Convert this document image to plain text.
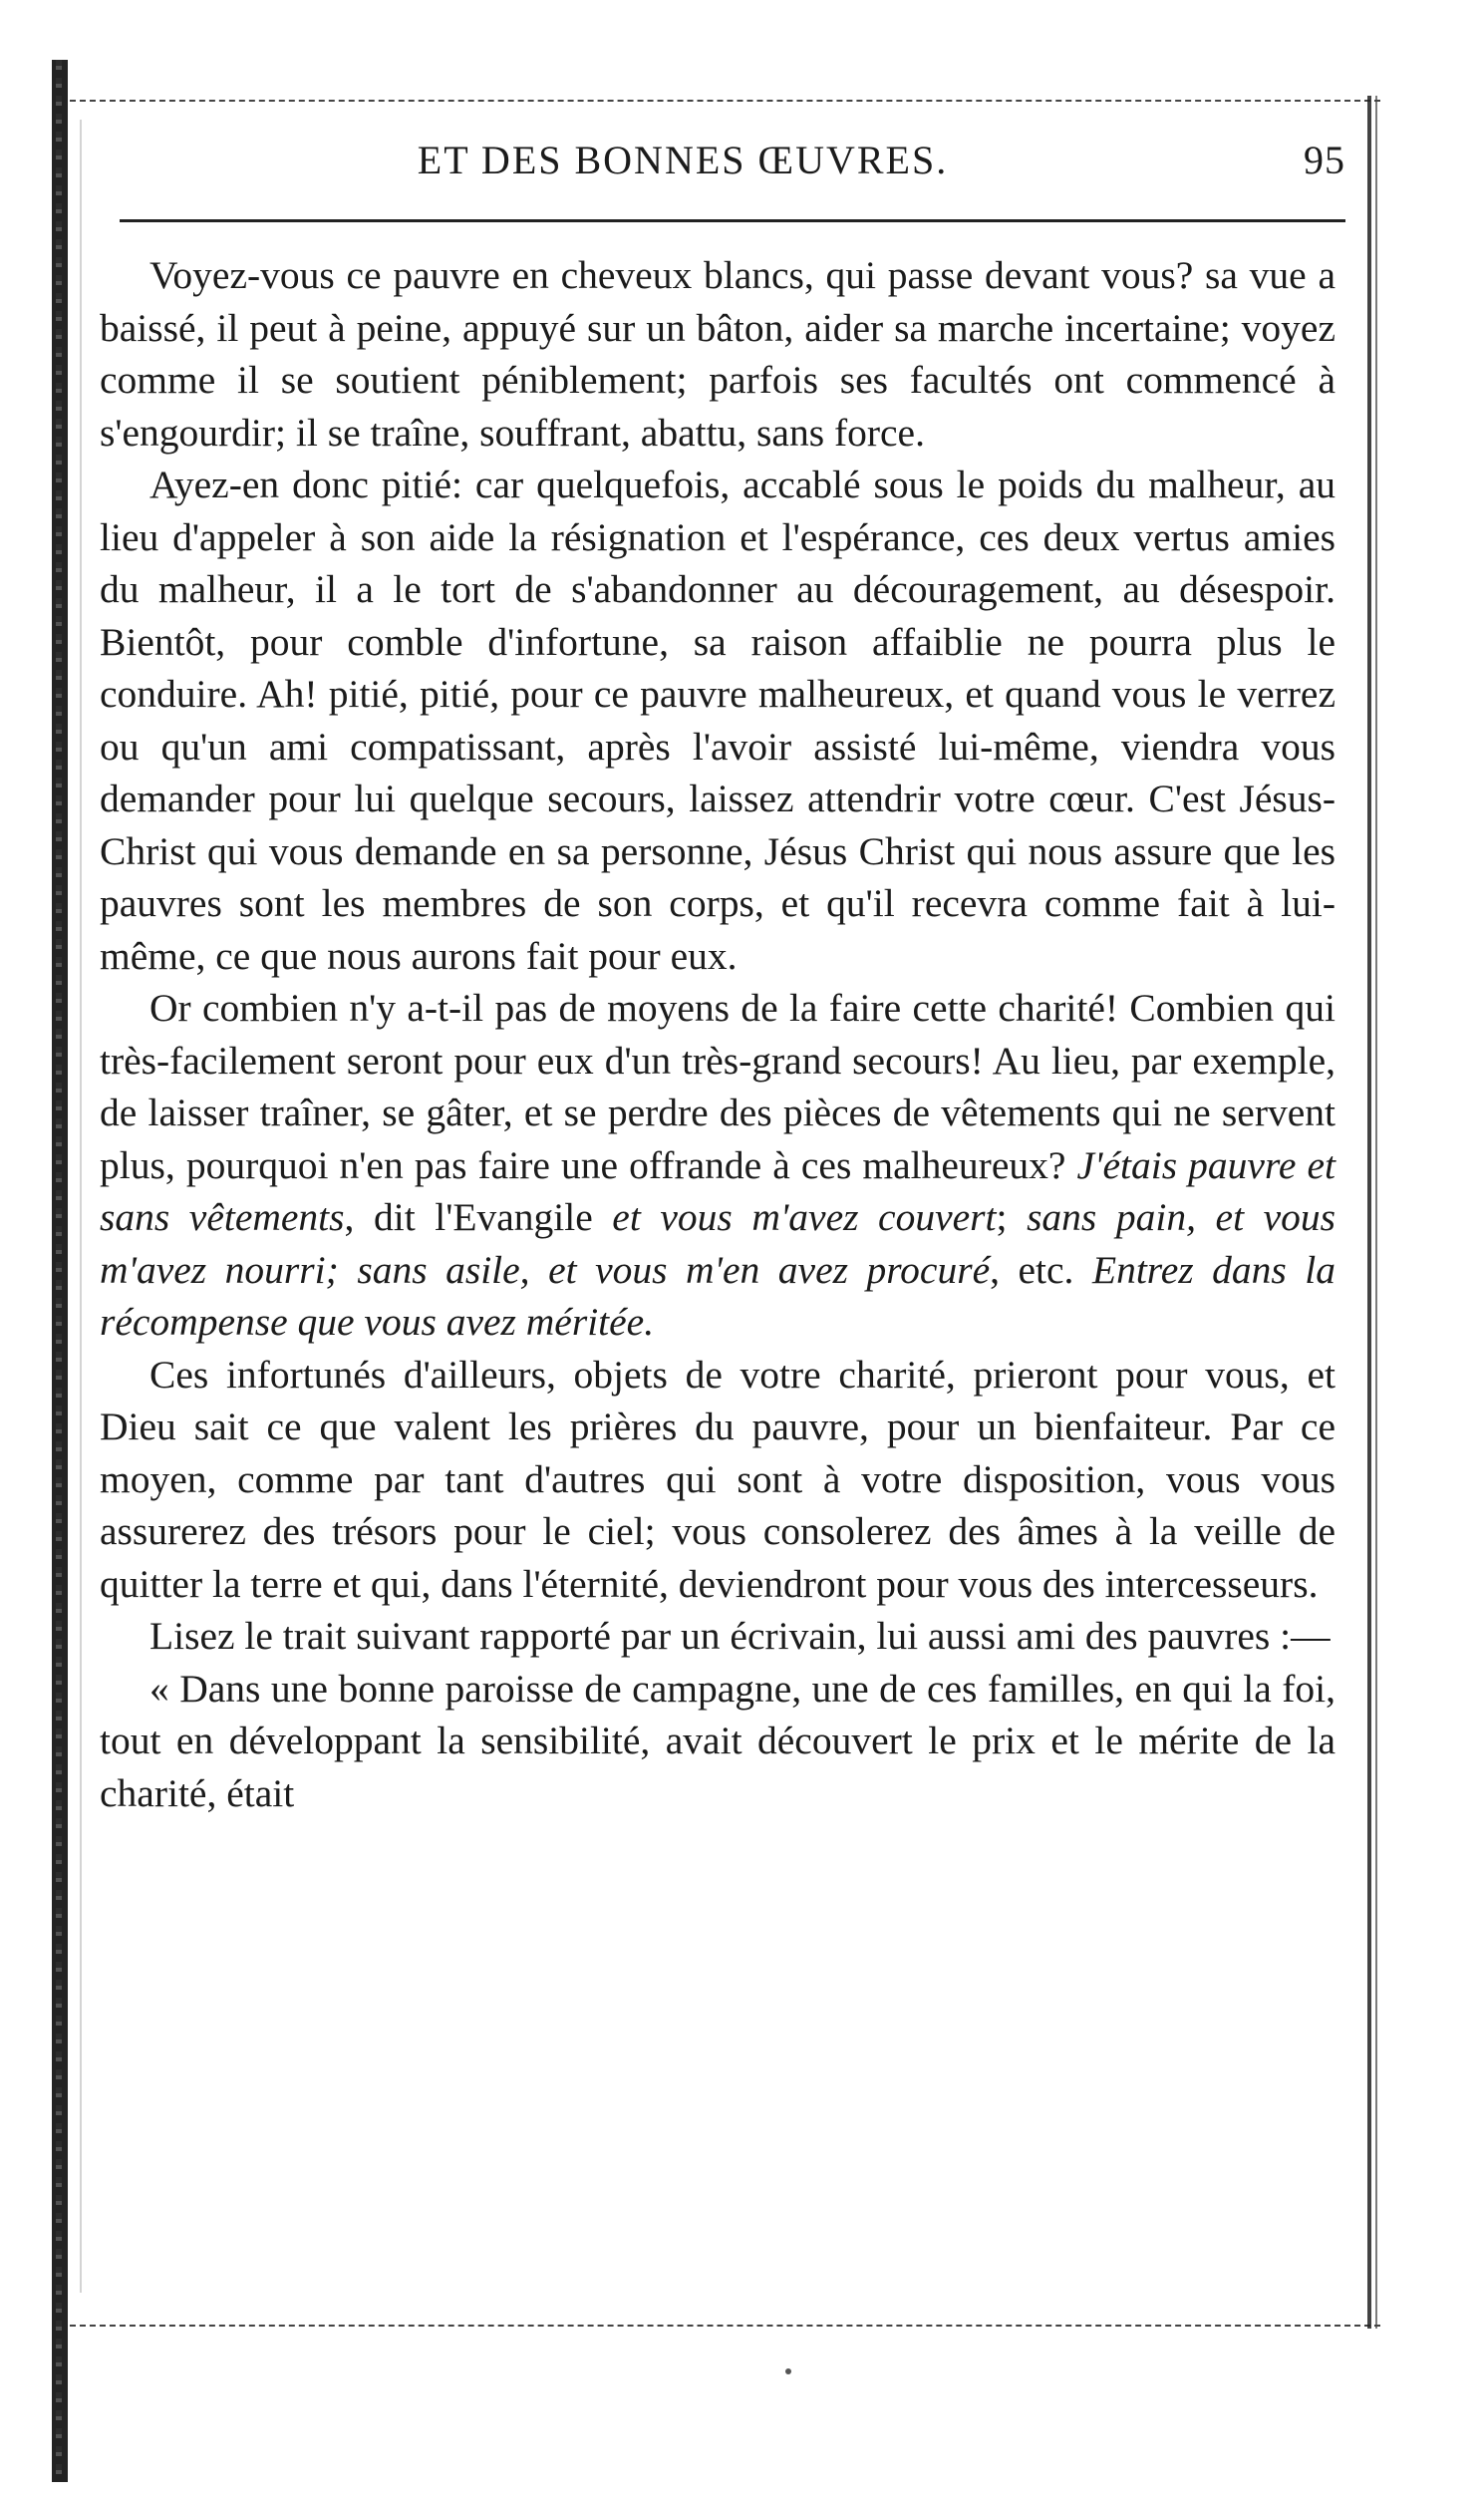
ET DES BONNES ŒUVRES.	95

Voyez-vous ce pauvre en cheveux blancs, qui passe devant vous? sa vue a baissé, il peut à peine, appuyé sur un bâton, aider sa marche incertaine; voyez comme il se soutient péniblement; parfois ses facultés ont commencé à s'engourdir; il se traîne, souffrant, abattu, sans force.

Ayez-en donc pitié: car quelquefois, accablé sous le poids du malheur, au lieu d'appeler à son aide la résignation et l'espérance, ces deux vertus amies du malheur, il a le tort de s'abandonner au découragement, au désespoir. Bientôt, pour comble d'infortune, sa raison affaiblie ne pourra plus le conduire. Ah! pitié, pitié, pour ce pauvre malheureux, et quand vous le verrez ou qu'un ami compatissant, après l'avoir assisté lui-même, viendra vous demander pour lui quelque secours, laissez attendrir votre cœur. C'est Jésus-Christ qui vous demande en sa personne, Jésus Christ qui nous assure que les pauvres sont les membres de son corps, et qu'il recevra comme fait à lui-même, ce que nous aurons fait pour eux.

Or combien n'y a-t-il pas de moyens de la faire cette charité! Combien qui très-facilement seront pour eux d'un très-grand secours! Au lieu, par exemple, de laisser traîner, se gâter, et se perdre des pièces de vêtements qui ne servent plus, pourquoi n'en pas faire une offrande à ces malheureux? J'étais pauvre et sans vêtements, dit l'Evangile et vous m'avez couvert; sans pain, et vous m'avez nourri; sans asile, et vous m'en avez procuré, etc. Entrez dans la récompense que vous avez méritée.

Ces infortunés d'ailleurs, objets de votre charité, prieront pour vous, et Dieu sait ce que valent les prières du pauvre, pour un bienfaiteur. Par ce moyen, comme par tant d'autres qui sont à votre disposition, vous vous assurerez des trésors pour le ciel; vous consolerez des âmes à la veille de quitter la terre et qui, dans l'éternité, deviendront pour vous des intercesseurs.

Lisez le trait suivant rapporté par un écrivain, lui aussi ami des pauvres :—

« Dans une bonne paroisse de campagne, une de ces familles, en qui la foi, tout en développant la sensibilité, avait découvert le prix et le mérite de la charité, était
